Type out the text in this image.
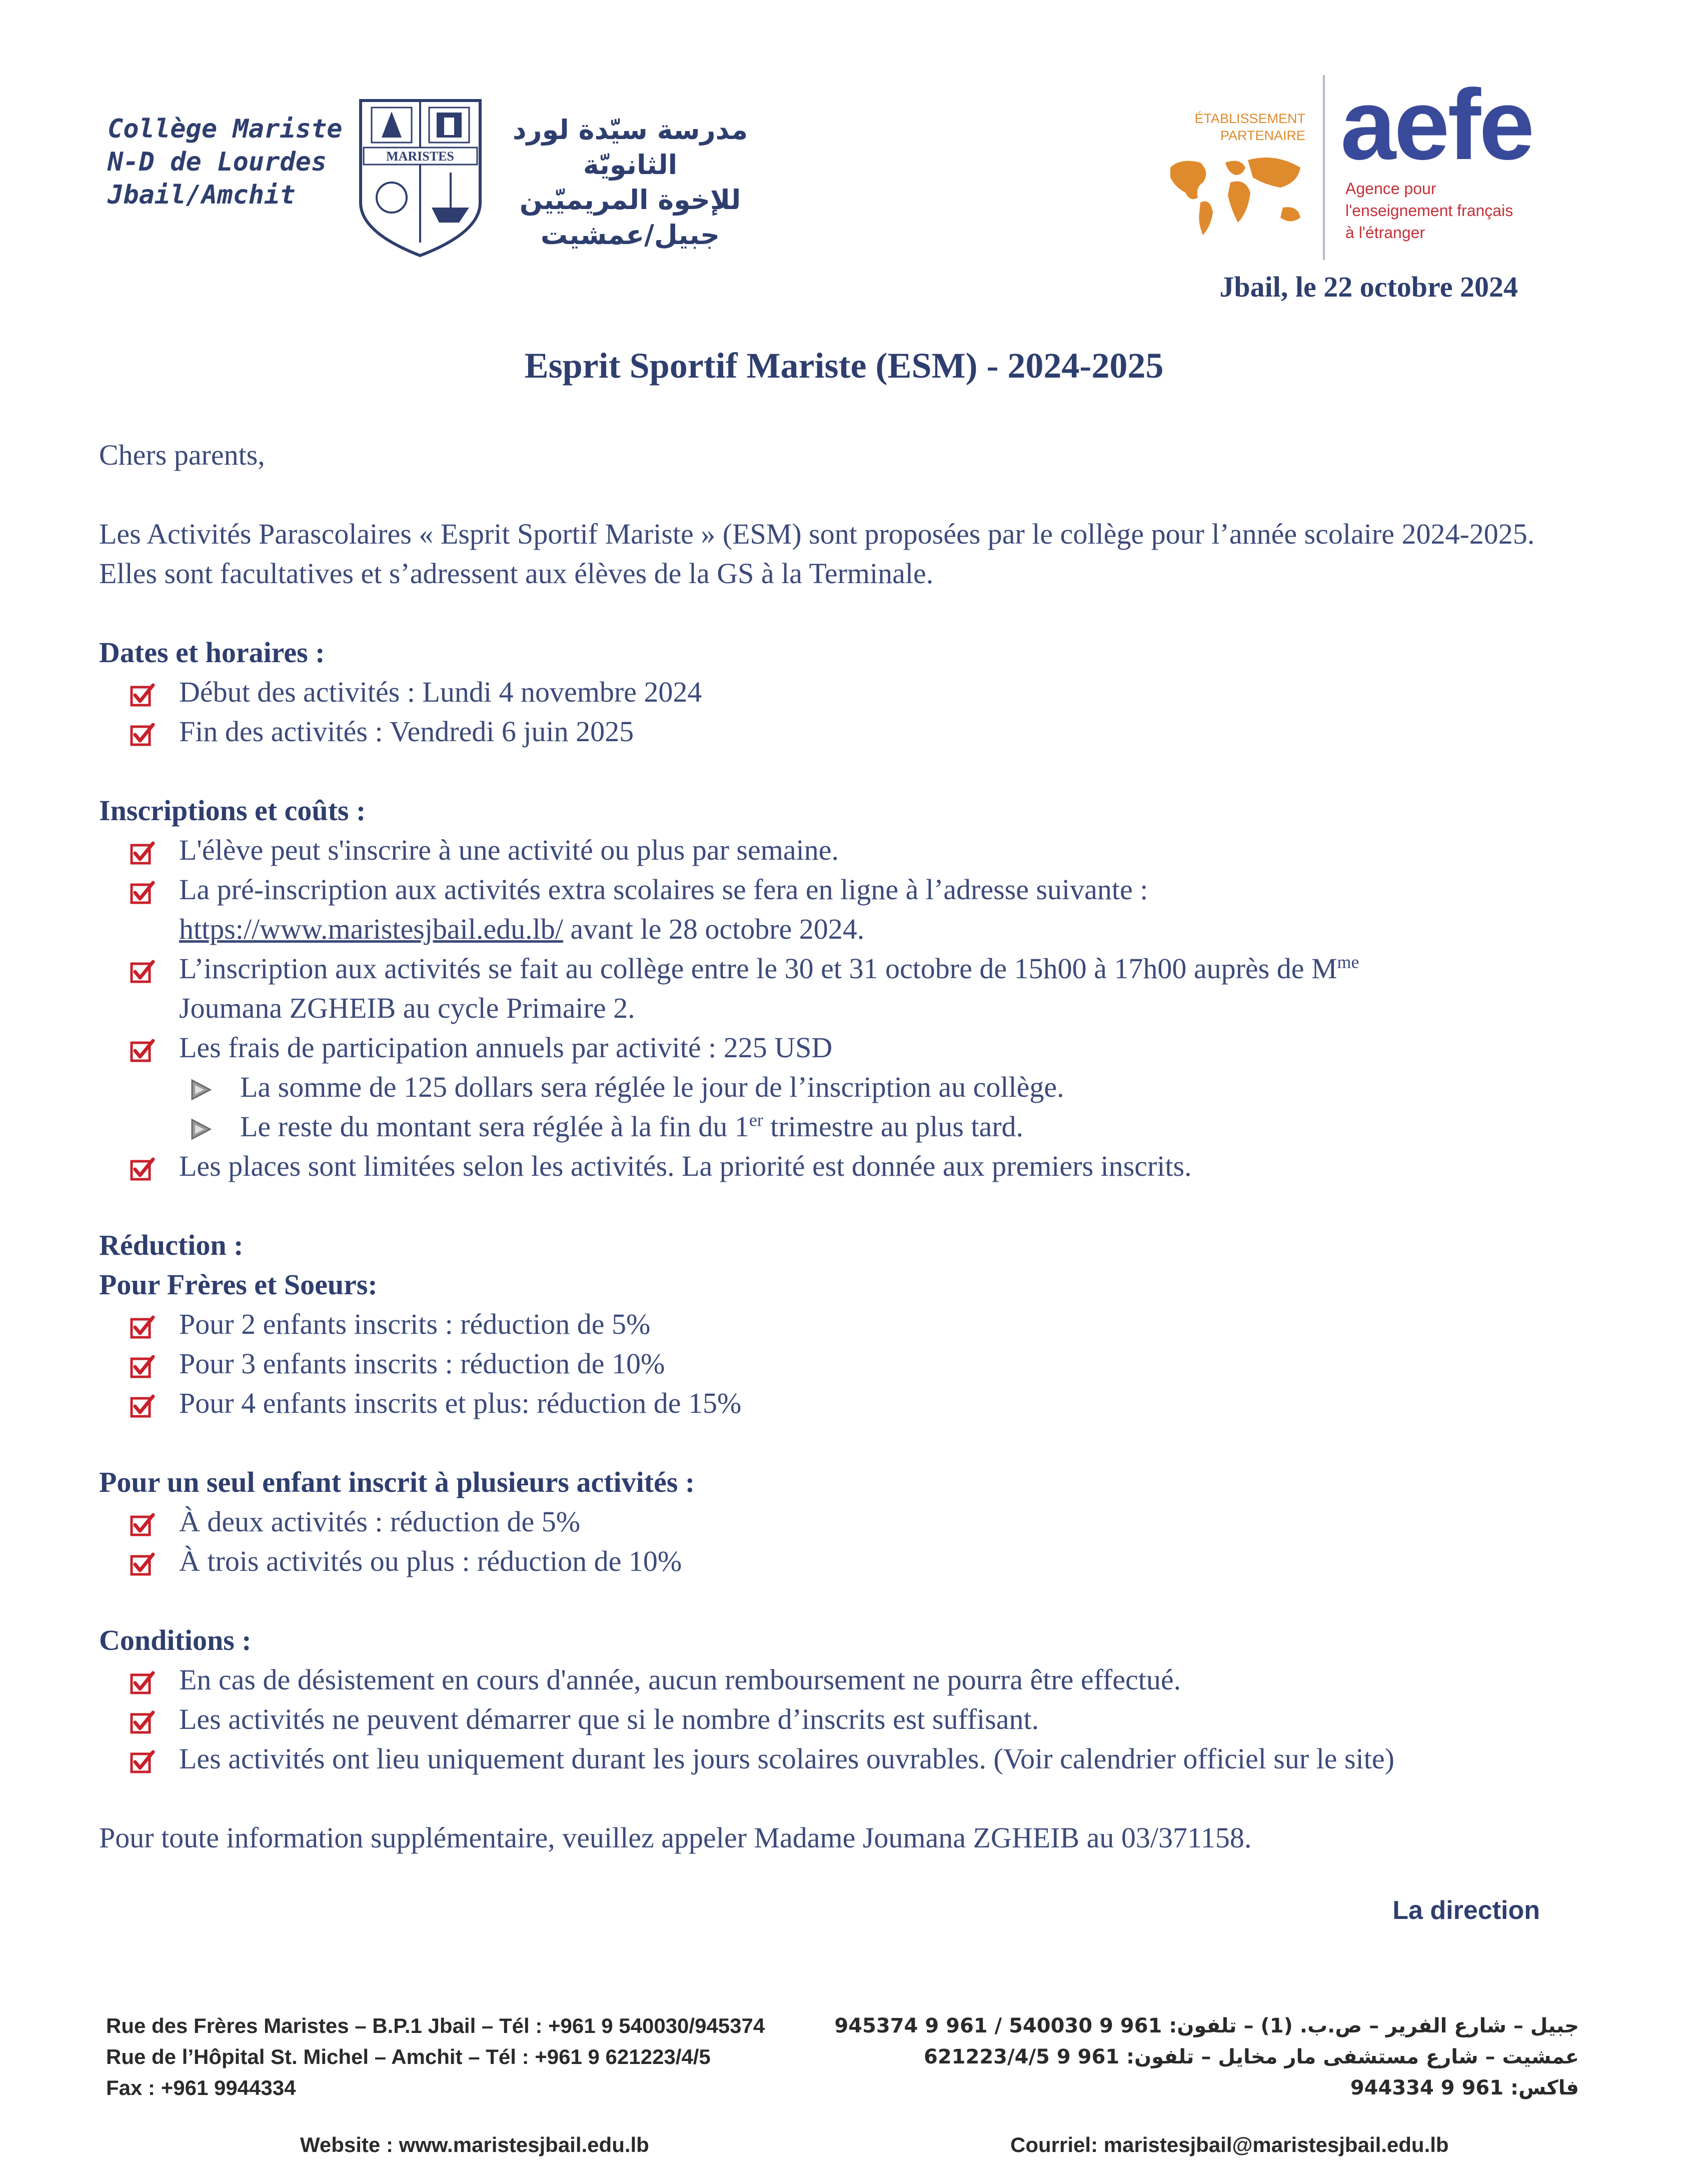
Collège Mariste
N-D de Lourdes
Jbail/Amchit
MARISTES
مدرسة سيّدة لورد الثانويّة
للإخوة المريميّين
جبيل/عمشيت
ÉTABLISSEMENT
PARTENAIRE aefe
Agence pour
l'enseignement français
à l'étranger
Jbail, le 22 octobre 2024
Esprit Sportif Mariste (ESM) - 2024-2025

Chers parents,

Les Activités Parascolaires « Esprit Sportif Mariste » (ESM) sont proposées par le collège pour l’année scolaire 2024-2025. Elles sont facultatives et s’adressent aux élèves de la GS à la Terminale.

Dates et horaires :

Début des activités : Lundi 4 novembre 2024
Fin des activités : Vendredi 6 juin 2025

Inscriptions et coûts :

L'élève peut s'inscrire à une activité ou plus par semaine.
La pré-inscription aux activités extra scolaires se fera en ligne à l’adresse suivante :
https://www.maristesjbail.edu.lb/ avant le 28 octobre 2024.
L’inscription aux activités se fait au collège entre le 30 et 31 octobre de 15h00 à 17h00 auprès de $M^{me}$
Joumana ZGHEIB au cycle Primaire 2.
Les frais de participation annuels par activité : 225 USD
La somme de 125 dollars sera réglée le jour de l’inscription au collège.
Le reste du montant sera réglée à la fin du 1er trimestre au plus tard.
Les places sont limitées selon les activités. La priorité est donnée aux premiers inscrits.

Réduction :

Pour Frères et Soeurs:

Pour 2 enfants inscrits : réduction de 5%
Pour 3 enfants inscrits : réduction de 10%
Pour 4 enfants inscrits et plus: réduction de 15%

Pour un seul enfant inscrit à plusieurs activités :

À deux activités : réduction de 5%
À trois activités ou plus : réduction de 10%

Conditions :

En cas de désistement en cours d'année, aucun remboursement ne pourra être effectué.
Les activités ne peuvent démarrer que si le nombre d’inscrits est suffisant.
Les activités ont lieu uniquement durant les jours scolaires ouvrables. (Voir calendrier officiel sur le site)

Pour toute information supplémentaire, veuillez appeler Madame Joumana ZGHEIB au 03/371158.

La direction
Rue des Frères Maristes – B.P.1 Jbail – Tél : +961 9 540030/945374
Rue de l’Hôpital St. Michel – Amchit – Tél : +961 9 621223/4/5
Fax : +961 9944334
جبيل – شارع الفرير – ص.ب. (1) – تلفون: 961 9 540030 / 961 9 945374
عمشيت – شارع مستشفى مار مخايل – تلفون: 961 9 621223/4/5
فاكس: 961 9 944334
Website : www.maristesjbail.edu.lb	Courriel: maristesjbail@maristesjbail.edu.lb
